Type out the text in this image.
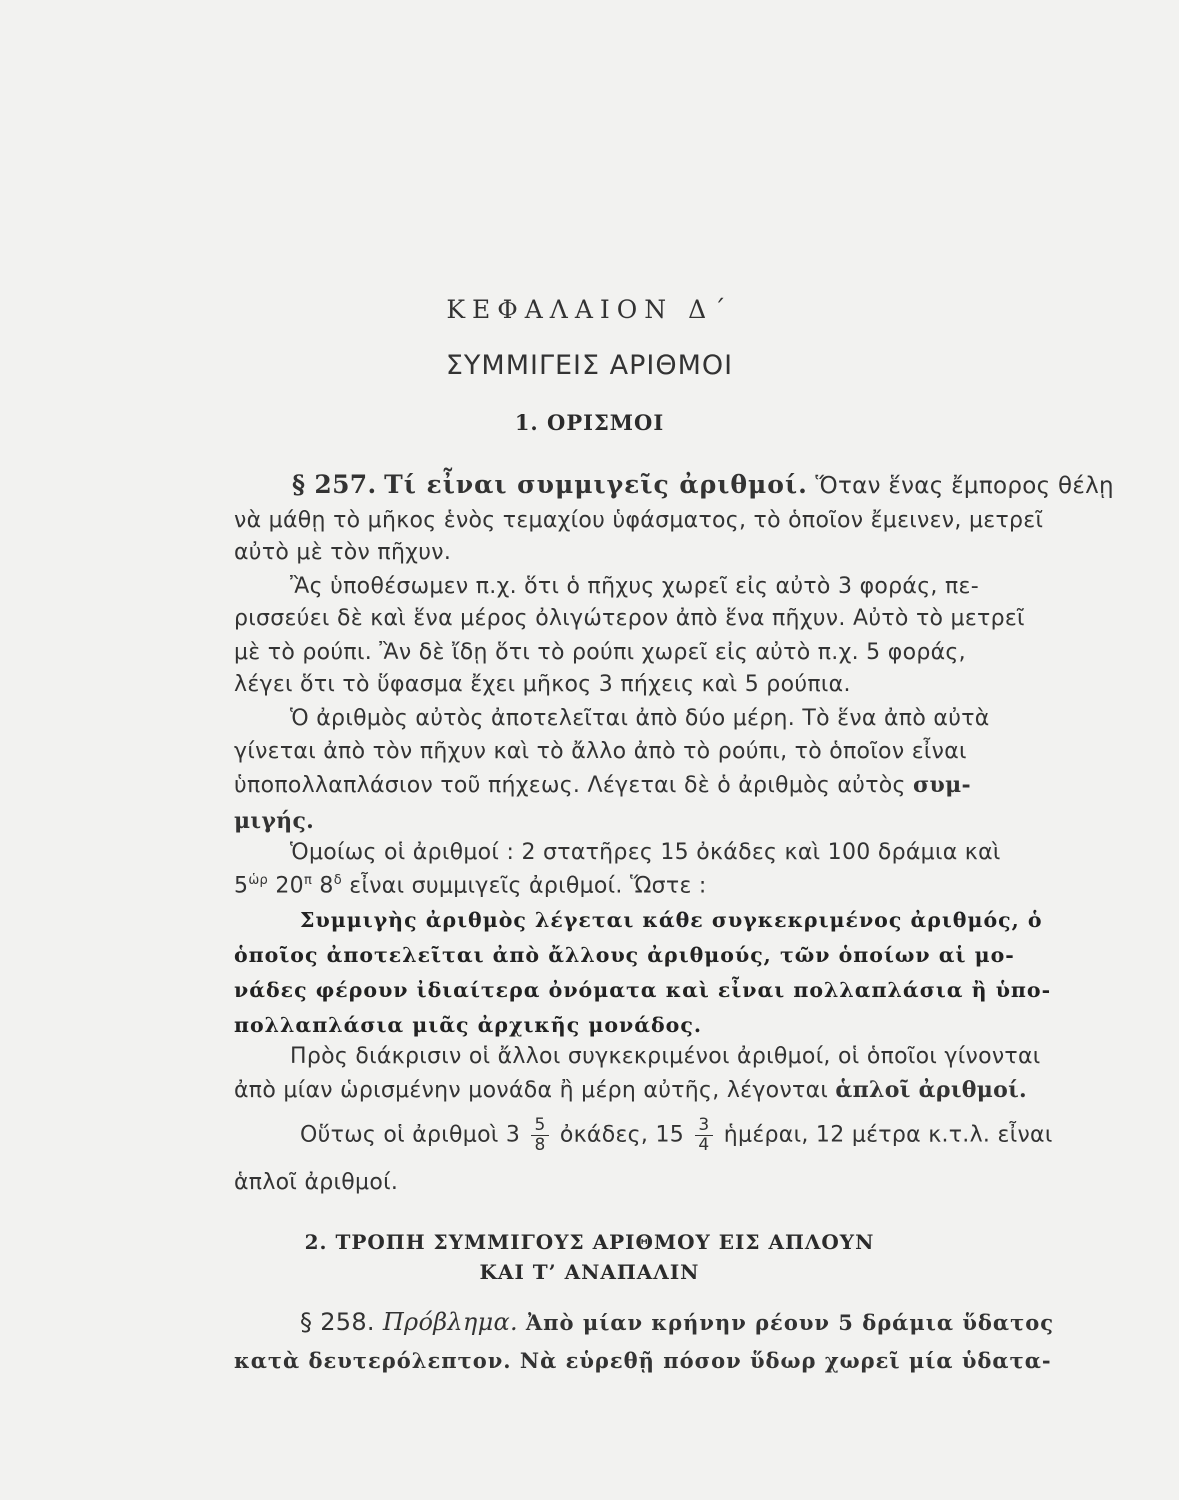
ΚΕΦΑΛΑΙΟΝ Δ΄
ΣΥΜΜΙΓΕΙΣ ΑΡΙΘΜΟΙ
1. ΟΡΙΣΜΟΙ
§ 257. Τί εἶναι συμμιγεῖς ἀριθμοί. Ὅταν ἕνας ἔμπορος θέλῃ
νὰ μάθῃ τὸ μῆκος ἑνὸς τεμαχίου ὑφάσματος, τὸ ὁποῖον ἔμεινεν, μετρεῖ
αὐτὸ μὲ τὸν πῆχυν.
Ἂς ὑποθέσωμεν π.χ. ὅτι ὁ πῆχυς χωρεῖ εἰς αὐτὸ 3 φοράς, πε-
ρισσεύει δὲ καὶ ἕνα μέρος ὀλιγώτερον ἀπὸ ἕνα πῆχυν. Αὐτὸ τὸ μετρεῖ
μὲ τὸ ρούπι. Ἂν δὲ ἴδῃ ὅτι τὸ ρούπι χωρεῖ εἰς αὐτὸ π.χ. 5 φοράς,
λέγει ὅτι τὸ ὕφασμα ἔχει μῆκος 3 πήχεις καὶ 5 ρούπια.
Ὁ ἀριθμὸς αὐτὸς ἀποτελεῖται ἀπὸ δύο μέρη. Τὸ ἕνα ἀπὸ αὐτὰ
γίνεται ἀπὸ τὸν πῆχυν καὶ τὸ ἄλλο ἀπὸ τὸ ρούπι, τὸ ὁποῖον εἶναι
ὑποπολλαπλάσιον τοῦ πήχεως. Λέγεται δὲ ὁ ἀριθμὸς αὐτὸς συμ-
μιγής.
Ὁμοίως οἱ ἀριθμοί : 2 στατῆρες 15 ὀκάδες καὶ 100 δράμια καὶ
$5^{ὡ\rho}$ $20^\pi$ $8^\delta$ εἶναι συμμιγεῖς ἀριθμοί. Ὥστε :
Συμμιγὴς ἀριθμὸς λέγεται κάθε συγκεκριμένος ἀριθμός, ὁ
ὁποῖος ἀποτελεῖται ἀπὸ ἄλλους ἀριθμούς, τῶν ὁποίων αἱ μο-
νάδες φέρουν ἰδιαίτερα ὀνόματα καὶ εἶναι πολλαπλάσια ἢ ὑπο-
πολλαπλάσια μιᾶς ἀρχικῆς μονάδος.
Πρὸς διάκρισιν οἱ ἄλλοι συγκεκριμένοι ἀριθμοί, οἱ ὁποῖοι γίνονται
ἀπὸ μίαν ὡρισμένην μονάδα ἢ μέρη αὐτῆς, λέγονται ἁπλοῖ ἀριθμοί.
Οὕτως οἱ ἀριθμοὶ $3 \frac{5}{8}$ ὀκάδες, $15 \frac{3}{4}$ ἡμέραι, 12 μέτρα κ.τ.λ. εἶναι
ἁπλοῖ ἀριθμοί.
2. ΤΡΟΠΗ ΣΥΜΜΙΓΟΥΣ ΑΡΙΘΜΟΥ ΕΙΣ ΑΠΛΟΥΝ
ΚΑΙ Τ’ ΑΝΑΠΑΛΙΝ
§ 258. Πρόβλημα. Ἀπὸ μίαν κρήνην ρέουν 5 δράμια ὕδατος
κατὰ δευτερόλεπτον. Νὰ εὑρεθῇ πόσον ὕδωρ χωρεῖ μία ὑδατα-
